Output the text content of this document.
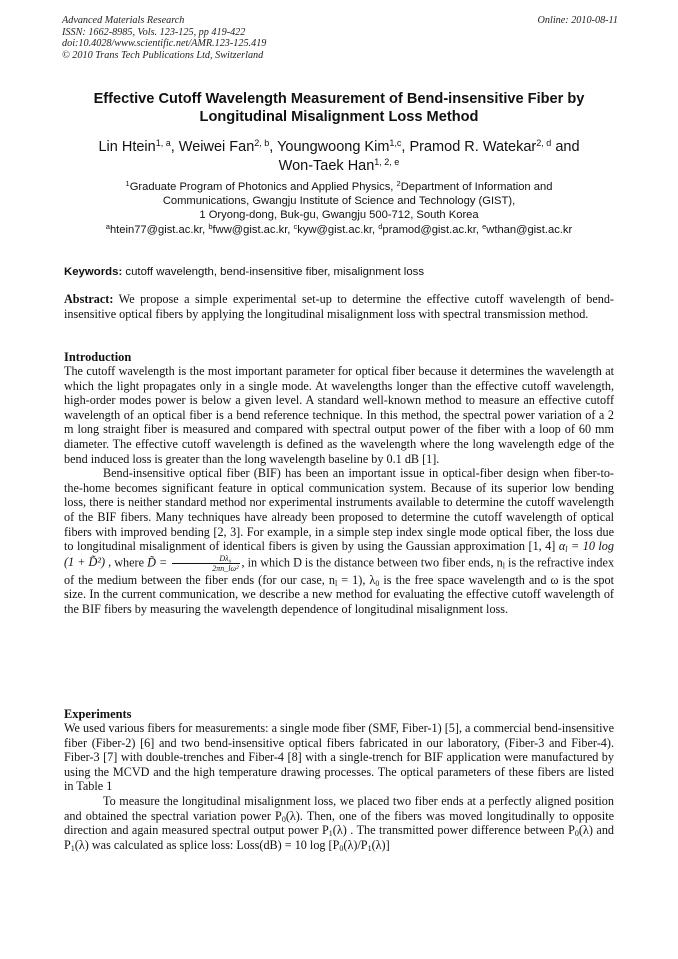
Advanced Materials Research
ISSN: 1662-8985, Vols. 123-125, pp 419-422
doi:10.4028/www.scientific.net/AMR.123-125.419
© 2010 Trans Tech Publications Ltd, Switzerland
Online: 2010-08-11
Effective Cutoff Wavelength Measurement of Bend-insensitive Fiber by
Longitudinal Misalignment Loss Method
Lin Htein$^{1, a}$, Weiwei Fan$^{2, b}$, Youngwoong Kim$^{1,c}$, Pramod R. Watekar$^{2, d}$ and
Won-Taek Han$^{1, 2, e}$
$^1$Graduate Program of Photonics and Applied Physics, $^2$Department of Information and
Communications, Gwangju Institute of Science and Technology (GIST),
1 Oryong-dong, Buk-gu, Gwangju 500-712, South Korea
$^a$htein77@gist.ac.kr, $^b$fww@gist.ac.kr, $^c$kyw@gist.ac.kr, $^d$pramod@gist.ac.kr, $^e$wthan@gist.ac.kr
Keywords: cutoff wavelength, bend-insensitive fiber, misalignment loss

Abstract: We propose a simple experimental set-up to determine the effective cutoff wavelength of bend-insensitive optical fibers by applying the longitudinal misalignment loss with spectral transmission method.

Introduction

The cutoff wavelength is the most important parameter for optical fiber because it determines the wavelength at which the light propagates only in a single mode. At wavelengths longer than the effective cutoff wavelength, high-order modes power is below a given level. A standard well-known method to measure an effective cutoff wavelength of an optical fiber is a bend reference technique. In this method, the spectral power variation of a 2 m long straight fiber is measured and compared with spectral output power of the fiber with a loop of 60 mm diameter. The effective cutoff wavelength is defined as the wavelength where the long wavelength edge of the bend induced loss is greater than the long wavelength baseline by 0.1 dB [1].

Bend-insensitive optical fiber (BIF) has been an important issue in optical-fiber design when fiber-to-the-home becomes significant feature in optical communication system. Because of its superior low bending loss, there is neither standard method nor experimental instruments available to determine the cutoff wavelength of the BIF fibers. Many techniques have already been proposed to determine the cutoff wavelength of optical fibers with improved bending [2, 3]. For example, in a simple step index single mode optical fiber, the loss due to longitudinal misalignment of identical fibers is given by using the Gaussian approximation [1, 4] $\alpha_l = 10$ log (1 + D̃²) , where D̃ = $\frac{\text{Dλ₀}}{\text{2πn\_lω²}}$ , in which D is the distance between two fiber ends, $n_l$ is the refractive index of the medium between the fiber ends (for our case, $n_l = 1$), $\lambda_0$ is the free space wavelength and ω is the spot size. In the current communication, we describe a new method for evaluating the effective cutoff wavelength of the BIF fibers by measuring the wavelength dependence of longitudinal misalignment loss.

Experiments

We used various fibers for measurements: a single mode fiber (SMF, Fiber-1) [5], a commercial bend-insensitive fiber (Fiber-2) [6] and two bend-insensitive optical fibers fabricated in our laboratory, (Fiber-3 and Fiber-4). Fiber-3 [7] with double-trenches and Fiber-4 [8] with a single-trench for BIF application were manufactured by using the MCVD and the high temperature drawing processes. The optical parameters of these fibers are listed in Table 1

To measure the longitudinal misalignment loss, we placed two fiber ends at a perfectly aligned position and obtained the spectral variation power $P_0(\lambda)$. Then, one of the fibers was moved longitudinally to opposite direction and again measured spectral output power $P_1(\lambda)$ . The transmitted power difference between $P_0(\lambda)$ and $P_1(\lambda)$ was calculated as splice loss: Loss(dB) = 10 $\log [P_0(\lambda)/P_1(\lambda)]$
